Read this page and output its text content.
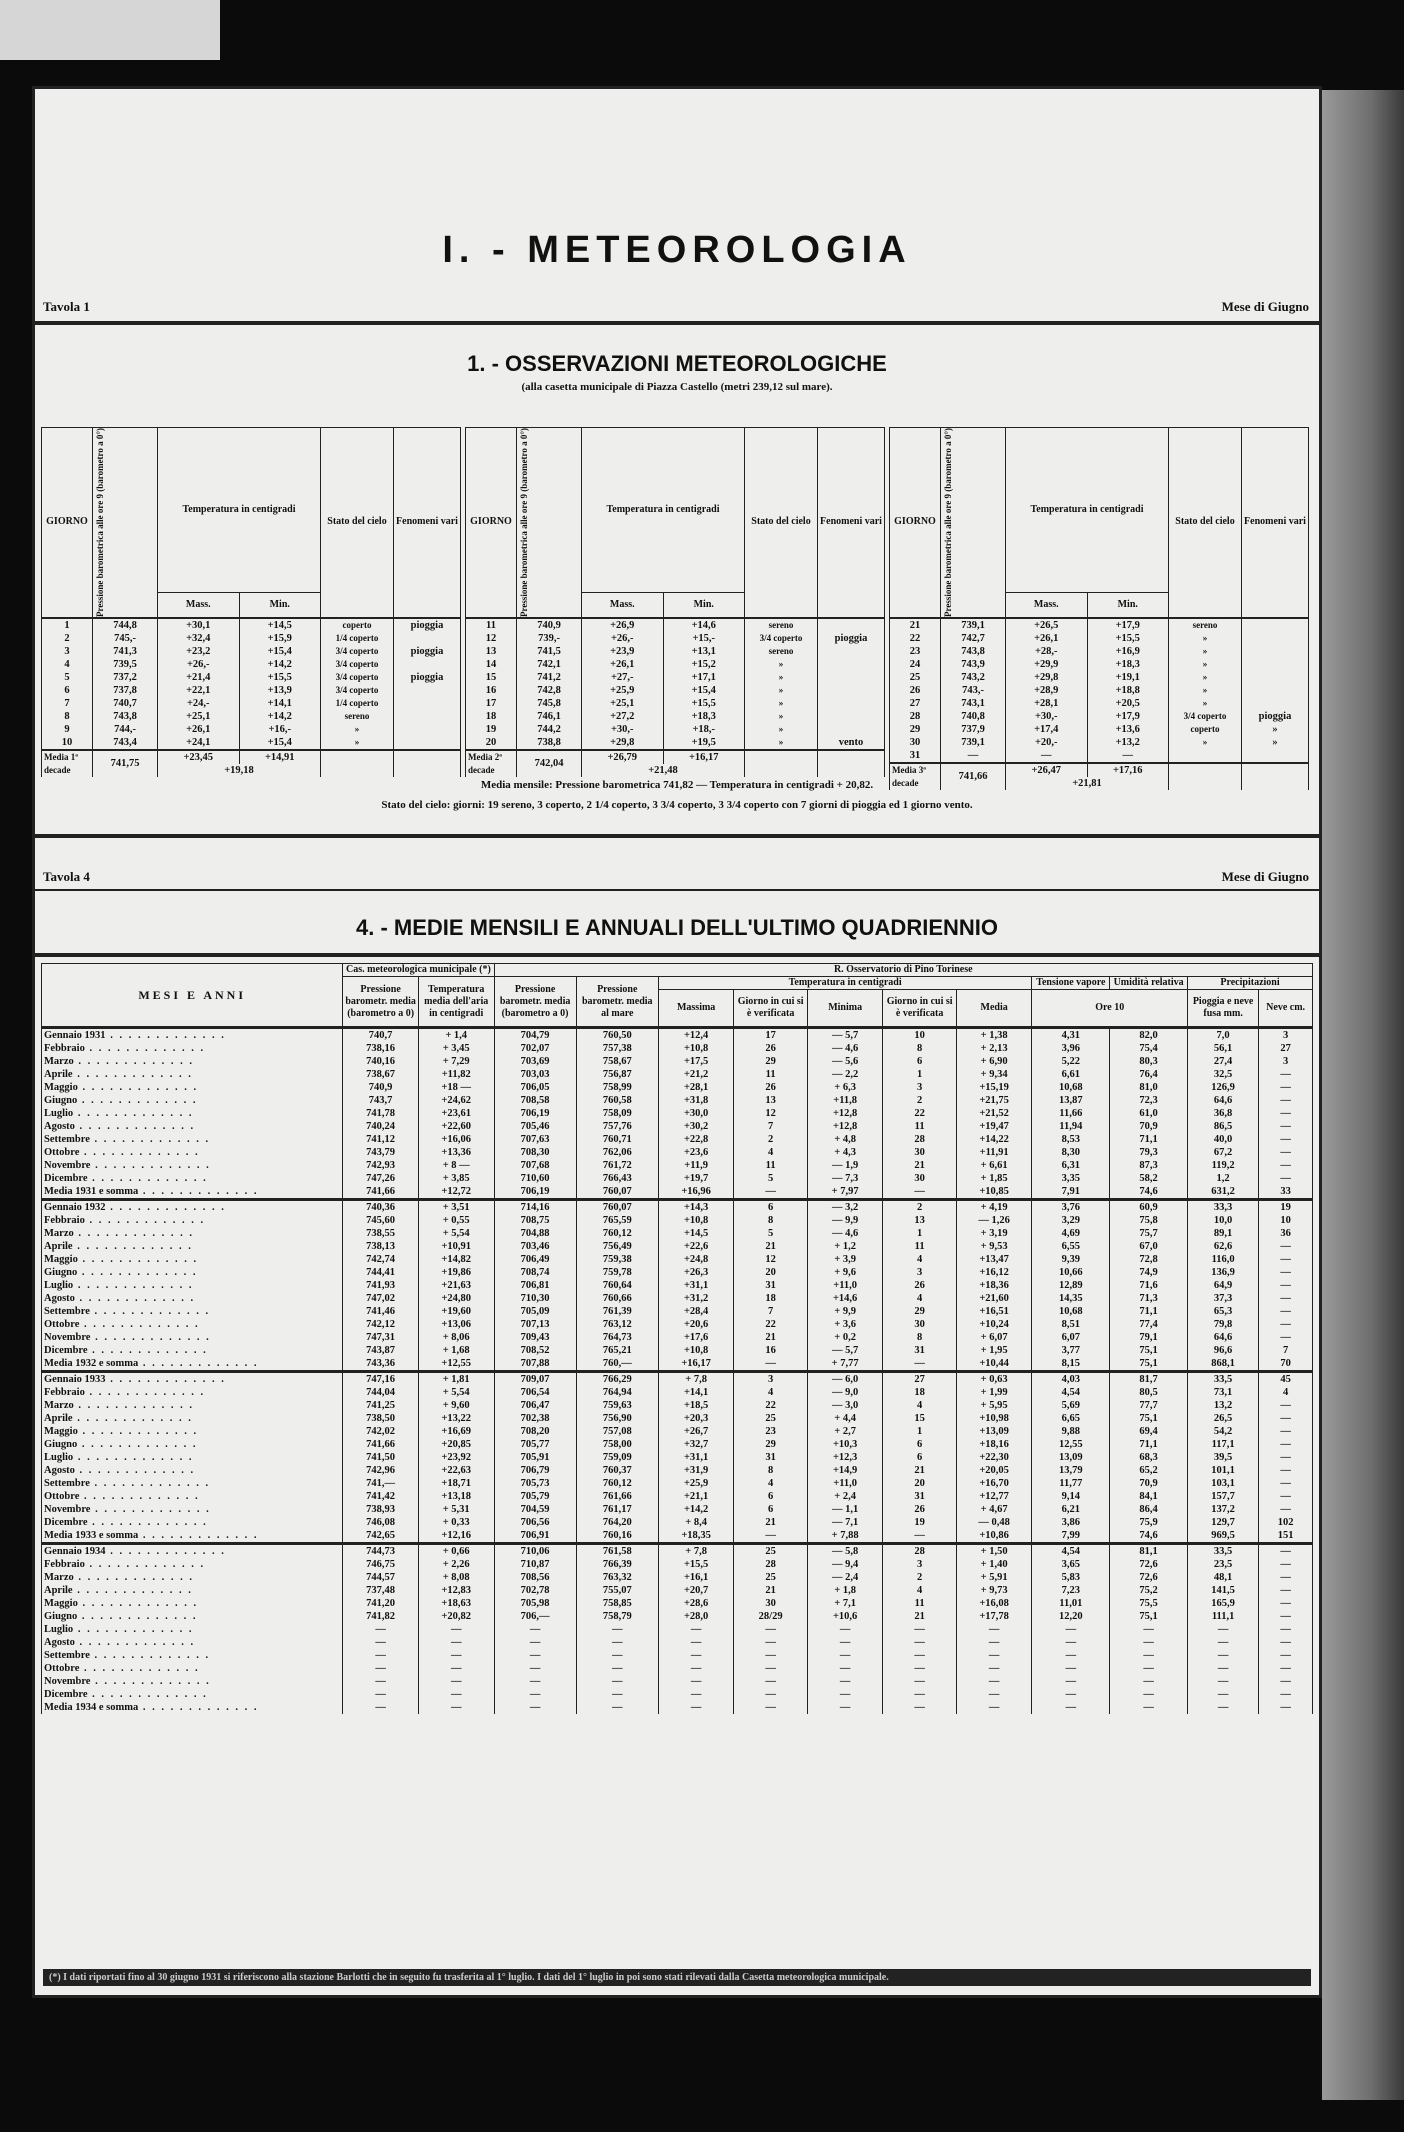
I. - METEOROLOGIA
Tavola 1	Mese di Giugno
1. - OSSERVAZIONI METEOROLOGICHE
(alla casetta municipale di Piazza Castello (metri 239,12 sul mare).
GIORNO	Pressione barometrica alle ore 9 (barometro a 0°)	Temperatura in centigradi		Stato del cielo	Fenomeni vari
		Mass.	Min.		
1	744,8	+30,1	+14,5	coperto	pioggia
2	745,-	+32,4	+15,9	1/4 coperto	
3	741,3	+23,2	+15,4	3/4 coperto	pioggia
4	739,5	+26,-	+14,2	3/4 coperto	
5	737,2	+21,4	+15,5	3/4 coperto	pioggia
6	737,8	+22,1	+13,9	3/4 coperto	
7	740,7	+24,-	+14,1	1/4 coperto	
8	743,8	+25,1	+14,2	sereno	
9	744,-	+26,1	+16,-	»	
10	743,4	+24,1	+15,4	»	
Media 1ª decade	741,75	+23,45	+14,91		
		+19,18			
GIORNO	Pressione barometrica alle ore 9 (barometro a 0°)	Temperatura in centigradi		Stato del cielo	Fenomeni vari
		Mass.	Min.		
11	740,9	+26,9	+14,6	sereno	
12	739,-	+26,-	+15,-	3/4 coperto	pioggia
13	741,5	+23,9	+13,1	sereno	
14	742,1	+26,1	+15,2	»	
15	741,2	+27,-	+17,1	»	
16	742,8	+25,9	+15,4	»	
17	745,8	+25,1	+15,5	»	
18	746,1	+27,2	+18,3	»	
19	744,2	+30,-	+18,-	»	
20	738,8	+29,8	+19,5	»	vento
Media 2ª decade	742,04	+26,79	+16,17		
		+21,48			
GIORNO	Pressione barometrica alle ore 9 (barometro a 0°)	Temperatura in centigradi		Stato del cielo	Fenomeni vari
		Mass.	Min.		
21	739,1	+26,5	+17,9	sereno	
22	742,7	+26,1	+15,5	»	
23	743,8	+28,-	+16,9	»	
24	743,9	+29,9	+18,3	»	
25	743,2	+29,8	+19,1	»	
26	743,-	+28,9	+18,8	»	
27	743,1	+28,1	+20,5	»	
28	740,8	+30,-	+17,9	3/4 coperto	pioggia
29	737,9	+17,4	+13,6	coperto	»
30	739,1	+20,-	+13,2	»	»
31	—	—	—		
Media 3ª decade	741,66	+26,47	+17,16		
		+21,81			
Media mensile: Pressione barometrica 741,82 — Temperatura in centigradi + 20,82.
Stato del cielo: giorni: 19 sereno, 3 coperto, 2 1/4 coperto, 3 3/4 coperto, 3 3/4 coperto con 7 giorni di pioggia ed 1 giorno vento.
Tavola 4	Mese di Giugno
4. - MEDIE MENSILI E ANNUALI DELL'ULTIMO QUADRIENNIO
MESI E ANNI	Cas. meteorologica municipale (*)		R. Osservatorio di Pino Torinese										
	Pressione barometr. media (barometro a 0)	Temperatura media dell'aria in centigradi	Pressione barometr. media (barometro a 0)	Pressione barometr. media al mare	Temperatura in centigradi					Tensione vapore	Umidità relativa	Precipitazioni	
					Massima	Giorno in cui si è verificata	Minima	Giorno in cui si è verificata	Media	Ore 10		Pioggia e neve fusa mm.	Neve cm.
Gennaio 1931 . . . . . . . . . . . . .	740,7	+ 1,4	704,79	760,50	+12,4	17	— 5,7	10	+ 1,38	4,31	82,0	7,0	3
Febbraio . . . . . . . . . . . . .	738,16	+ 3,45	702,07	757,38	+10,8	26	— 4,6	8	+ 2,13	3,96	75,4	56,1	27
Marzo . . . . . . . . . . . . .	740,16	+ 7,29	703,69	758,67	+17,5	29	— 5,6	6	+ 6,90	5,22	80,3	27,4	3
Aprile . . . . . . . . . . . . .	738,67	+11,82	703,03	756,87	+21,2	11	— 2,2	1	+ 9,34	6,61	76,4	32,5	—
Maggio . . . . . . . . . . . . .	740,9	+18 —	706,05	758,99	+28,1	26	+ 6,3	3	+15,19	10,68	81,0	126,9	—
Giugno . . . . . . . . . . . . .	743,7	+24,62	708,58	760,58	+31,8	13	+11,8	2	+21,75	13,87	72,3	64,6	—
Luglio . . . . . . . . . . . . .	741,78	+23,61	706,19	758,09	+30,0	12	+12,8	22	+21,52	11,66	61,0	36,8	—
Agosto . . . . . . . . . . . . .	740,24	+22,60	705,46	757,76	+30,2	7	+12,8	11	+19,47	11,94	70,9	86,5	—
Settembre . . . . . . . . . . . . .	741,12	+16,06	707,63	760,71	+22,8	2	+ 4,8	28	+14,22	8,53	71,1	40,0	—
Ottobre . . . . . . . . . . . . .	743,79	+13,36	708,30	762,06	+23,6	4	+ 4,3	30	+11,91	8,30	79,3	67,2	—
Novembre . . . . . . . . . . . . .	742,93	+ 8 —	707,68	761,72	+11,9	11	— 1,9	21	+ 6,61	6,31	87,3	119,2	—
Dicembre . . . . . . . . . . . . .	747,26	+ 3,85	710,60	766,43	+19,7	5	— 7,3	30	+ 1,85	3,35	58,2	1,2	—
Media 1931 e somma . . . . . . . . . . . . .	741,66	+12,72	706,19	760,07	+16,96	—	+ 7,97	—	+10,85	7,91	74,6	631,2	33
Gennaio 1932 . . . . . . . . . . . . .	740,36	+ 3,51	714,16	760,07	+14,3	6	— 3,2	2	+ 4,19	3,76	60,9	33,3	19
Febbraio . . . . . . . . . . . . .	745,60	+ 0,55	708,75	765,59	+10,8	8	— 9,9	13	— 1,26	3,29	75,8	10,0	10
Marzo . . . . . . . . . . . . .	738,55	+ 5,54	704,88	760,12	+14,5	5	— 4,6	1	+ 3,19	4,69	75,7	89,1	36
Aprile . . . . . . . . . . . . .	738,13	+10,91	703,46	756,49	+22,6	21	+ 1,2	11	+ 9,53	6,55	67,0	62,6	—
Maggio . . . . . . . . . . . . .	742,74	+14,82	706,49	759,38	+24,8	12	+ 3,9	4	+13,47	9,39	72,8	116,0	—
Giugno . . . . . . . . . . . . .	744,41	+19,86	708,74	759,78	+26,3	20	+ 9,6	3	+16,12	10,66	74,9	136,9	—
Luglio . . . . . . . . . . . . .	741,93	+21,63	706,81	760,64	+31,1	31	+11,0	26	+18,36	12,89	71,6	64,9	—
Agosto . . . . . . . . . . . . .	747,02	+24,80	710,30	760,66	+31,2	18	+14,6	4	+21,60	14,35	71,3	37,3	—
Settembre . . . . . . . . . . . . .	741,46	+19,60	705,09	761,39	+28,4	7	+ 9,9	29	+16,51	10,68	71,1	65,3	—
Ottobre . . . . . . . . . . . . .	742,12	+13,06	707,13	763,12	+20,6	22	+ 3,6	30	+10,24	8,51	77,4	79,8	—
Novembre . . . . . . . . . . . . .	747,31	+ 8,06	709,43	764,73	+17,6	21	+ 0,2	8	+ 6,07	6,07	79,1	64,6	—
Dicembre . . . . . . . . . . . . .	743,87	+ 1,68	708,52	765,21	+10,8	16	— 5,7	31	+ 1,95	3,77	75,1	96,6	7
Media 1932 e somma . . . . . . . . . . . . .	743,36	+12,55	707,88	760,—	+16,17	—	+ 7,77	—	+10,44	8,15	75,1	868,1	70
Gennaio 1933 . . . . . . . . . . . . .	747,16	+ 1,81	709,07	766,29	+ 7,8	3	— 6,0	27	+ 0,63	4,03	81,7	33,5	45
Febbraio . . . . . . . . . . . . .	744,04	+ 5,54	706,54	764,94	+14,1	4	— 9,0	18	+ 1,99	4,54	80,5	73,1	4
Marzo . . . . . . . . . . . . .	741,25	+ 9,60	706,47	759,63	+18,5	22	— 3,0	4	+ 5,95	5,69	77,7	13,2	—
Aprile . . . . . . . . . . . . .	738,50	+13,22	702,38	756,90	+20,3	25	+ 4,4	15	+10,98	6,65	75,1	26,5	—
Maggio . . . . . . . . . . . . .	742,02	+16,69	708,20	757,08	+26,7	23	+ 2,7	1	+13,09	9,88	69,4	54,2	—
Giugno . . . . . . . . . . . . .	741,66	+20,85	705,77	758,00	+32,7	29	+10,3	6	+18,16	12,55	71,1	117,1	—
Luglio . . . . . . . . . . . . .	741,50	+23,92	705,91	759,09	+31,1	31	+12,3	6	+22,30	13,09	68,3	39,5	—
Agosto . . . . . . . . . . . . .	742,96	+22,63	706,79	760,37	+31,9	8	+14,9	21	+20,05	13,79	65,2	101,1	—
Settembre . . . . . . . . . . . . .	741,—	+18,71	705,73	760,12	+25,9	4	+11,0	20	+16,70	11,77	70,9	103,1	—
Ottobre . . . . . . . . . . . . .	741,42	+13,18	705,79	761,66	+21,1	6	+ 2,4	31	+12,77	9,14	84,1	157,7	—
Novembre . . . . . . . . . . . . .	738,93	+ 5,31	704,59	761,17	+14,2	6	— 1,1	26	+ 4,67	6,21	86,4	137,2	—
Dicembre . . . . . . . . . . . . .	746,08	+ 0,33	706,56	764,20	+ 8,4	21	— 7,1	19	— 0,48	3,86	75,9	129,7	102
Media 1933 e somma . . . . . . . . . . . . .	742,65	+12,16	706,91	760,16	+18,35	—	+ 7,88	—	+10,86	7,99	74,6	969,5	151
Gennaio 1934 . . . . . . . . . . . . .	744,73	+ 0,66	710,06	761,58	+ 7,8	25	— 5,8	28	+ 1,50	4,54	81,1	33,5	—
Febbraio . . . . . . . . . . . . .	746,75	+ 2,26	710,87	766,39	+15,5	28	— 9,4	3	+ 1,40	3,65	72,6	23,5	—
Marzo . . . . . . . . . . . . .	744,57	+ 8,08	708,56	763,32	+16,1	25	— 2,4	2	+ 5,91	5,83	72,6	48,1	—
Aprile . . . . . . . . . . . . .	737,48	+12,83	702,78	755,07	+20,7	21	+ 1,8	4	+ 9,73	7,23	75,2	141,5	—
Maggio . . . . . . . . . . . . .	741,20	+18,63	705,98	758,85	+28,6	30	+ 7,1	11	+16,08	11,01	75,5	165,9	—
Giugno . . . . . . . . . . . . .	741,82	+20,82	706,—	758,79	+28,0	28/29	+10,6	21	+17,78	12,20	75,1	111,1	—
Luglio . . . . . . . . . . . . .	—	—	—	—	—	—	—	—	—	—	—	—	—
Agosto . . . . . . . . . . . . .	—	—	—	—	—	—	—	—	—	—	—	—	—
Settembre . . . . . . . . . . . . .	—	—	—	—	—	—	—	—	—	—	—	—	—
Ottobre . . . . . . . . . . . . .	—	—	—	—	—	—	—	—	—	—	—	—	—
Novembre . . . . . . . . . . . . .	—	—	—	—	—	—	—	—	—	—	—	—	—
Dicembre . . . . . . . . . . . . .	—	—	—	—	—	—	—	—	—	—	—	—	—
Media 1934 e somma . . . . . . . . . . . . .	—	—	—	—	—	—	—	—	—	—	—	—	—
(*) I dati riportati fino al 30 giugno 1931 si riferiscono alla stazione Barlotti che in seguito fu trasferita al 1° luglio. I dati del 1° luglio in poi sono stati rilevati dalla Casetta meteorologica municipale.
